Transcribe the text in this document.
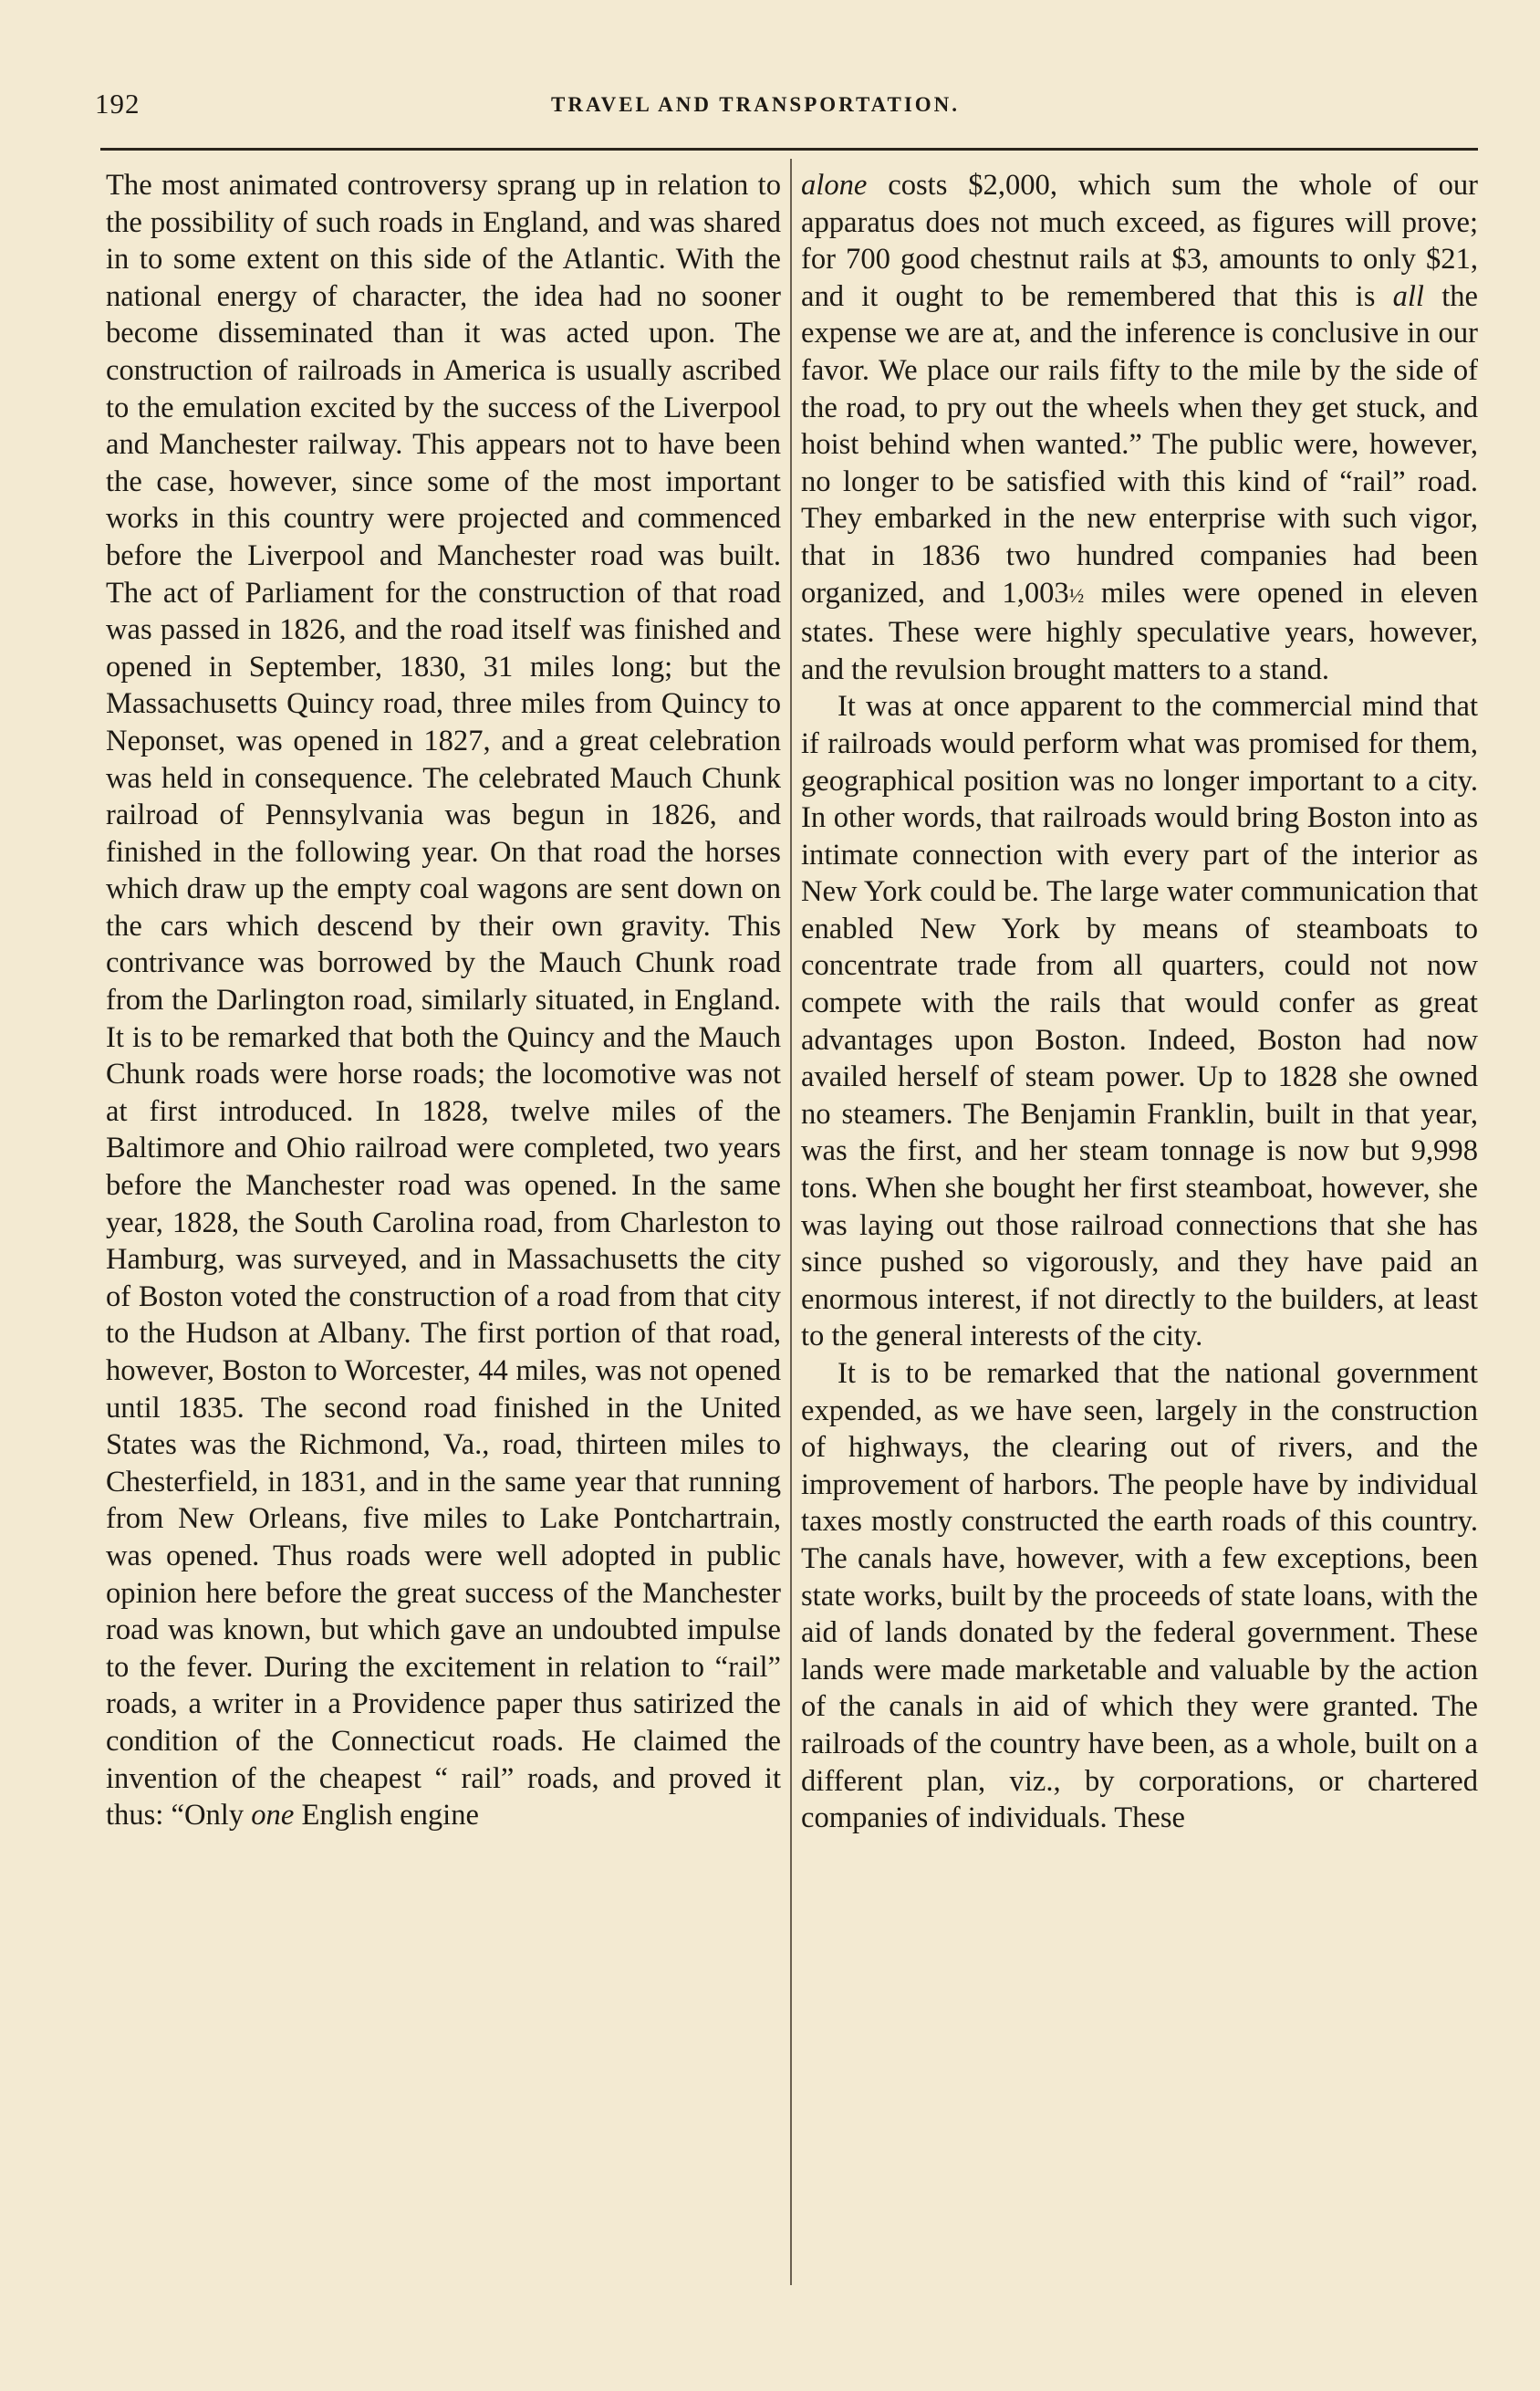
192	TRAVEL AND TRANSPORTATION.

The most animated controversy sprang up in relation to the possibility of such roads in England, and was shared in to some extent on this side of the Atlantic. With the national energy of character, the idea had no sooner become disseminated than it was acted upon. The construction of railroads in America is usually ascribed to the emulation excited by the success of the Liverpool and Manchester railway. This appears not to have been the case, however, since some of the most important works in this country were projected and commenced before the Liverpool and Manchester road was built. The act of Parliament for the construction of that road was passed in 1826, and the road itself was finished and opened in September, 1830, 31 miles long; but the Massachusetts Quincy road, three miles from Quincy to Neponset, was opened in 1827, and a great celebration was held in consequence. The celebrated Mauch Chunk railroad of Pennsylvania was begun in 1826, and finished in the following year. On that road the horses which draw up the empty coal wagons are sent down on the cars which descend by their own gravity. This contrivance was borrowed by the Mauch Chunk road from the Darlington road, similarly situated, in England. It is to be remarked that both the Quincy and the Mauch Chunk roads were horse roads; the locomotive was not at first introduced. In 1828, twelve miles of the Baltimore and Ohio railroad were completed, two years before the Manchester road was opened. In the same year, 1828, the South Carolina road, from Charleston to Hamburg, was surveyed, and in Massachusetts the city of Boston voted the construction of a road from that city to the Hudson at Albany. The first portion of that road, however, Boston to Worcester, 44 miles, was not opened until 1835. The second road finished in the United States was the Richmond, Va., road, thirteen miles to Chesterfield, in 1831, and in the same year that running from New Orleans, five miles to Lake Pontchartrain, was opened. Thus roads were well adopted in public opinion here before the great success of the Manchester road was known, but which gave an undoubted impulse to the fever. During the excitement in relation to “rail” roads, a writer in a Providence paper thus satirized the condition of the Connecticut roads. He claimed the invention of the cheapest “ rail” roads, and proved it thus: “Only one English engine

alone costs $2,000, which sum the whole of our apparatus does not much exceed, as figures will prove; for 700 good chestnut rails at $3, amounts to only $21, and it ought to be remembered that this is all the expense we are at, and the inference is conclusive in our favor. We place our rails fifty to the mile by the side of the road, to pry out the wheels when they get stuck, and hoist behind when wanted.” The public were, however, no longer to be satisfied with this kind of “rail” road. They embarked in the new enterprise with such vigor, that in 1836 two hundred companies had been organized, and 1,003½ miles were opened in eleven states. These were highly speculative years, however, and the revulsion brought matters to a stand.

It was at once apparent to the commercial mind that if railroads would perform what was promised for them, geographical position was no longer important to a city. In other words, that railroads would bring Boston into as intimate connection with every part of the interior as New York could be. The large water communication that enabled New York by means of steamboats to concentrate trade from all quarters, could not now compete with the rails that would confer as great advantages upon Boston. Indeed, Boston had now availed herself of steam power. Up to 1828 she owned no steamers. The Benjamin Franklin, built in that year, was the first, and her steam tonnage is now but 9,998 tons. When she bought her first steamboat, however, she was laying out those railroad connections that she has since pushed so vigorously, and they have paid an enormous interest, if not directly to the builders, at least to the general interests of the city.

It is to be remarked that the national government expended, as we have seen, largely in the construction of highways, the clearing out of rivers, and the improvement of harbors. The people have by individual taxes mostly constructed the earth roads of this country. The canals have, however, with a few exceptions, been state works, built by the proceeds of state loans, with the aid of lands donated by the federal government. These lands were made marketable and valuable by the action of the canals in aid of which they were granted. The railroads of the country have been, as a whole, built on a different plan, viz., by corporations, or chartered companies of individuals. These
